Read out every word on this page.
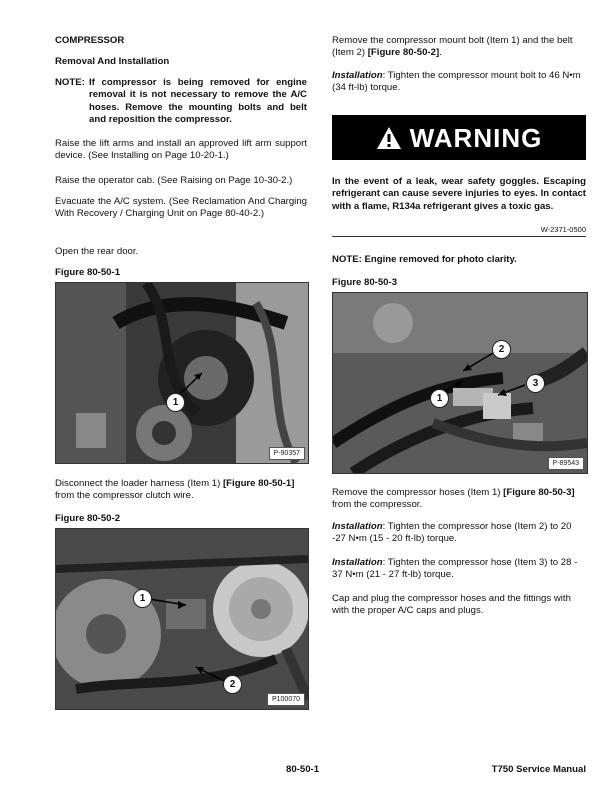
COMPRESSOR
Removal And Installation
NOTE: If compressor is being removed for engine removal it is not necessary to remove the A/C hoses. Remove the mounting bolts and belt and reposition the compressor.
Raise the lift arms and install an approved lift arm support device. (See Installing on Page 10-20-1.)
Raise the operator cab. (See Raising on Page 10-30-2.)
Evacuate the A/C system. (See Reclamation And Charging With Recovery / Charging Unit on Page 80-40-2.)
Open the rear door.
Figure 80-50-1
1
P-90357
Disconnect the loader harness (Item 1) [Figure 80-50-1] from the compressor clutch wire.
Figure 80-50-2
1
2
P100070
Remove the compressor mount bolt (Item 1) and the belt (Item 2) [Figure 80-50-2].
Installation: Tighten the compressor mount bolt to 46 N•m (34 ft-lb) torque.
WARNING
In the event of a leak, wear safety goggles. Escaping refrigerant can cause severe injuries to eyes. In contact with a flame, R134a refrigerant gives a toxic gas.
W-2371-0500
NOTE: Engine removed for photo clarity.
Figure 80-50-3
1
2
3
P-89543
Remove the compressor hoses (Item 1) [Figure 80-50-3] from the compressor.
Installation: Tighten the compressor hose (Item 2) to 20 -27 N•m (15 - 20 ft-lb) torque.
Installation: Tighten the compressor hose (Item 3) to 28 - 37 N•m (21 - 27 ft-lb) torque.
Cap and plug the compressor hoses and the fittings with with the proper A/C caps and plugs.
80-50-1	T750 Service Manual
